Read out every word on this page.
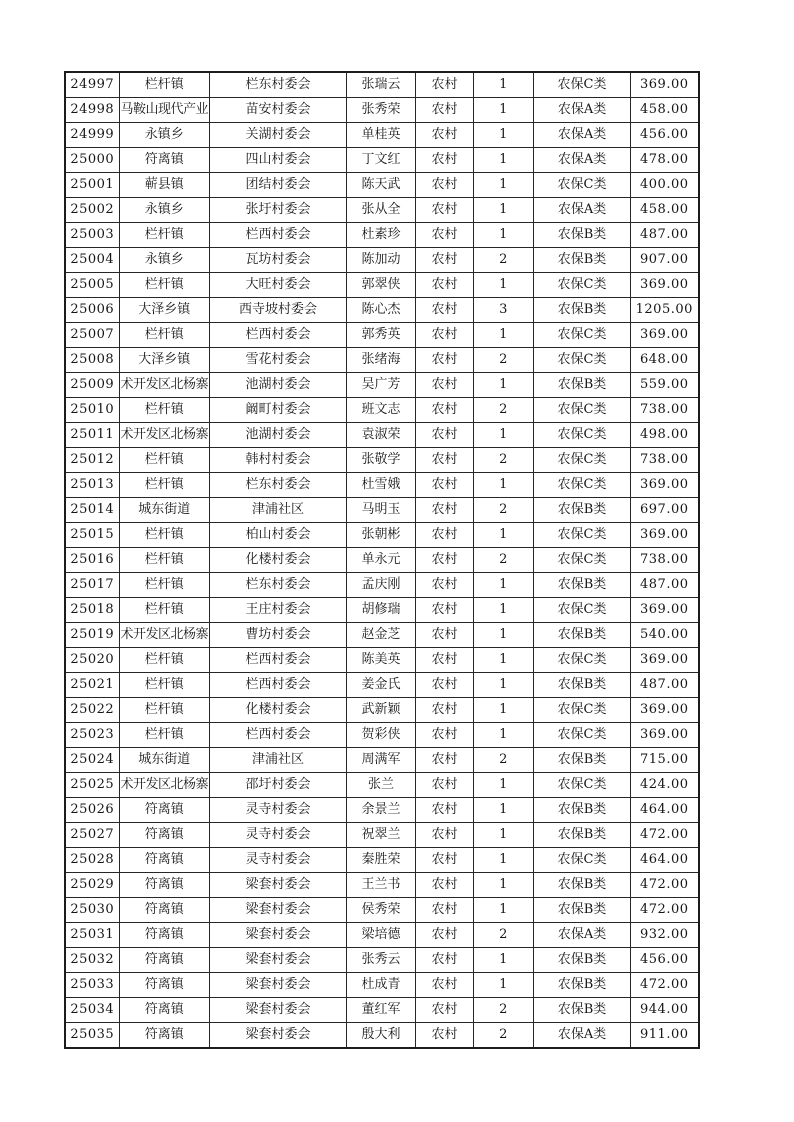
24997	栏杆镇	栏东村委会	张瑞云	农村	1	农保C类	369.00
24998	马鞍山现代产业	苗安村委会	张秀荣	农村	1	农保A类	458.00
24999	永镇乡	关湖村委会	单桂英	农村	1	农保A类	456.00
25000	符离镇	四山村委会	丁文红	农村	1	农保A类	478.00
25001	蕲县镇	团结村委会	陈天武	农村	1	农保C类	400.00
25002	永镇乡	张圩村委会	张从全	农村	1	农保A类	458.00
25003	栏杆镇	栏西村委会	杜素珍	农村	1	农保B类	487.00
25004	永镇乡	瓦坊村委会	陈加动	农村	2	农保B类	907.00
25005	栏杆镇	大旺村委会	郭翠侠	农村	1	农保C类	369.00
25006	大泽乡镇	西寺坡村委会	陈心杰	农村	3	农保B类	1205.00
25007	栏杆镇	栏西村委会	郭秀英	农村	1	农保C类	369.00
25008	大泽乡镇	雪花村委会	张绪海	农村	2	农保C类	648.00
25009	术开发区北杨寨	池湖村委会	吴广芳	农村	1	农保B类	559.00
25010	栏杆镇	阚町村委会	班文志	农村	2	农保C类	738.00
25011	术开发区北杨寨	池湖村委会	袁淑荣	农村	1	农保C类	498.00
25012	栏杆镇	韩村村委会	张敬学	农村	2	农保C类	738.00
25013	栏杆镇	栏东村委会	杜雪娥	农村	1	农保C类	369.00
25014	城东街道	津浦社区	马明玉	农村	2	农保B类	697.00
25015	栏杆镇	柏山村委会	张朝彬	农村	1	农保C类	369.00
25016	栏杆镇	化楼村委会	单永元	农村	2	农保C类	738.00
25017	栏杆镇	栏东村委会	孟庆刚	农村	1	农保B类	487.00
25018	栏杆镇	王庄村委会	胡修瑞	农村	1	农保C类	369.00
25019	术开发区北杨寨	曹坊村委会	赵金芝	农村	1	农保B类	540.00
25020	栏杆镇	栏西村委会	陈美英	农村	1	农保C类	369.00
25021	栏杆镇	栏西村委会	姜金氏	农村	1	农保B类	487.00
25022	栏杆镇	化楼村委会	武新颖	农村	1	农保C类	369.00
25023	栏杆镇	栏西村委会	贺彩侠	农村	1	农保C类	369.00
25024	城东街道	津浦社区	周满军	农村	2	农保B类	715.00
25025	术开发区北杨寨	邵圩村委会	张兰	农村	1	农保C类	424.00
25026	符离镇	灵寺村委会	余景兰	农村	1	农保B类	464.00
25027	符离镇	灵寺村委会	祝翠兰	农村	1	农保B类	472.00
25028	符离镇	灵寺村委会	秦胜荣	农村	1	农保C类	464.00
25029	符离镇	梁套村委会	王兰书	农村	1	农保B类	472.00
25030	符离镇	梁套村委会	侯秀荣	农村	1	农保B类	472.00
25031	符离镇	梁套村委会	梁培德	农村	2	农保A类	932.00
25032	符离镇	梁套村委会	张秀云	农村	1	农保B类	456.00
25033	符离镇	梁套村委会	杜成青	农村	1	农保B类	472.00
25034	符离镇	梁套村委会	董红军	农村	2	农保B类	944.00
25035	符离镇	梁套村委会	殷大利	农村	2	农保A类	911.00
